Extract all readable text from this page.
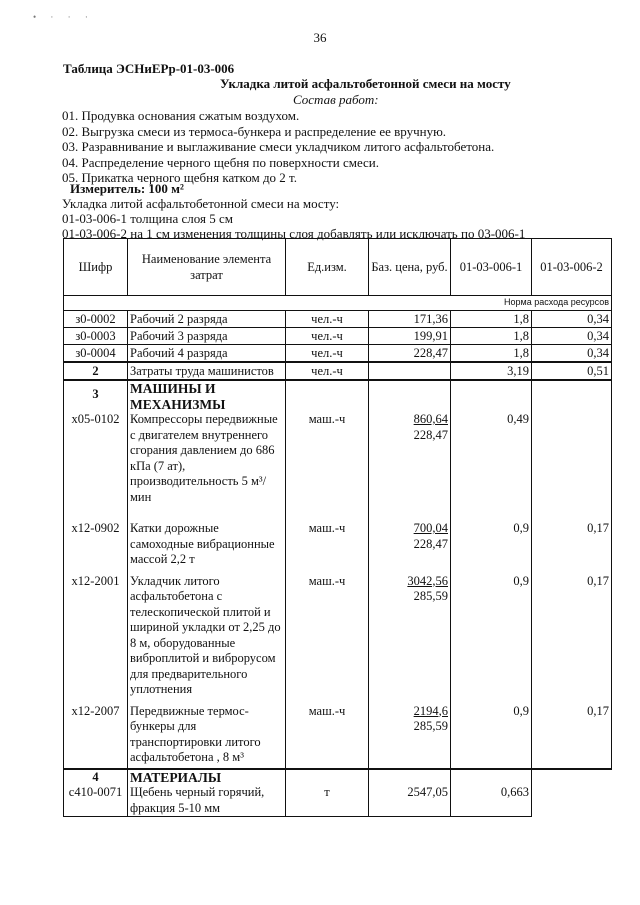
• · · ·
36
Таблица ЭСНиЕРр-01-03-006
Укладка литой асфальтобетонной смеси на мосту
Состав работ:
01. Продувка основания сжатым воздухом.
02. Выгрузка смеси из термоса-бункера и распределение ее вручную.
03. Разравнивание и выглаживание смеси укладчиком литого асфальтобетона.
04. Распределение черного щебня по поверхности смеси.
05. Прикатка черного щебня катком до 2 т.
Измеритель: 100 м²
Укладка литой асфальтобетонной смеси на мосту:
01-03-006-1 толщина слоя 5 см
01-03-006-2 на 1 см изменения толщины слоя добавлять или исключать по 03-006-1
Шифр	Наименование элемента затрат	Ед.изм.	Баз. цена, руб.	01-03-006-1	01-03-006-2
				Норма расхода ресурсов	
з0-0002	Рабочий 2 разряда	чел.-ч	171,36	1,8	0,34
з0-0003	Рабочий 3 разряда	чел.-ч	199,91	1,8	0,34
з0-0004	Рабочий 4 разряда	чел.-ч	228,47	1,8	0,34
2	Затраты труда машинистов	чел.-ч		3,19	0,51
3	МАШИНЫ И МЕХАНИЗМЫ				
х05-0102	Компрессоры передвижные с двигателем внутреннего сгорания давлением до 686 кПа (7 ат), производительность 5 м³/мин	маш.-ч	860,64
228,47	0,49	
х12-0902	Катки дорожные самоходные вибрационные массой 2,2 т	маш.-ч	700,04
228,47	0,9	0,17
х12-2001	Укладчик литого асфальтобетона с телескопической плитой и шириной укладки от 2,25 до 8 м, оборудованные виброплитой и виброрусом для предварительного уплотнения	маш.-ч	3042,56
285,59	0,9	0,17
х12-2007	Передвижные термос-бункеры для транспортировки литого асфальтобетона , 8 м³	маш.-ч	2194,6
285,59	0,9	0,17
4	МАТЕРИАЛЫ				
с410-0071	Щебень черный горячий, фракция 5-10 мм	т	2547,05	0,663	
